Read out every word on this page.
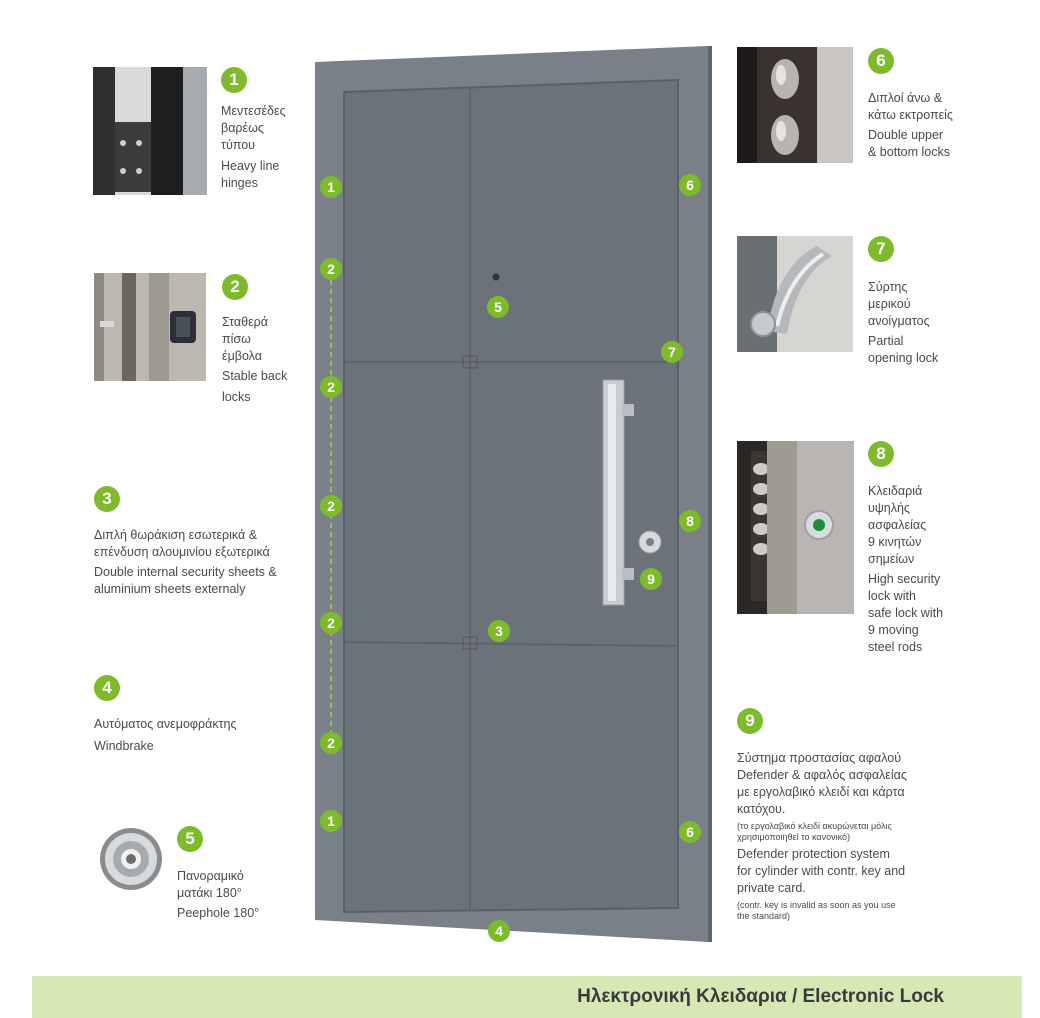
1
2
2
2
2
2
1
5
3
4
6
7
8
9
6
1
Μεντεσέδες
βαρέως
τύπου
Heavy line
hinges
2
Σταθερά
πίσω
έμβολα
Stable back
locks
3
Διπλή θωράκιση εσωτερικά &
επένδυση αλουμινίου εξωτερικά
Double internal security sheets &
aluminium sheets externaly
4
Αυτόματος ανεμοφράκτης
Windbrake
5
Πανοραμικό
ματάκι 180°
Peephole 180°
6
Διπλοί άνω &
κάτω εκτροπείς
Double upper
& bottom locks
7
Σύρτης
μερικού
ανοίγματος
Partial
opening lock
8
Κλειδαριά
υψηλής
ασφαλείας
9 κινητών
σημείων
High security
lock with
safe lock with
9 moving
steel rods
9
Σύστημα προστασίας αφαλού
Defender & αφαλός ασφαλείας
με εργολαβικό κλειδί και κάρτα
κατόχου.
(το εργολαβικό κλειδί ακυρώνεται μόλις
χρησιμοποιηθεί το κανονικό)
Defender protection system
for cylinder with contr. key and
private card.
(contr. key is invalid as soon as you use
the standard)
Ηλεκτρονική Κλειδαρια / Electronic Lock
